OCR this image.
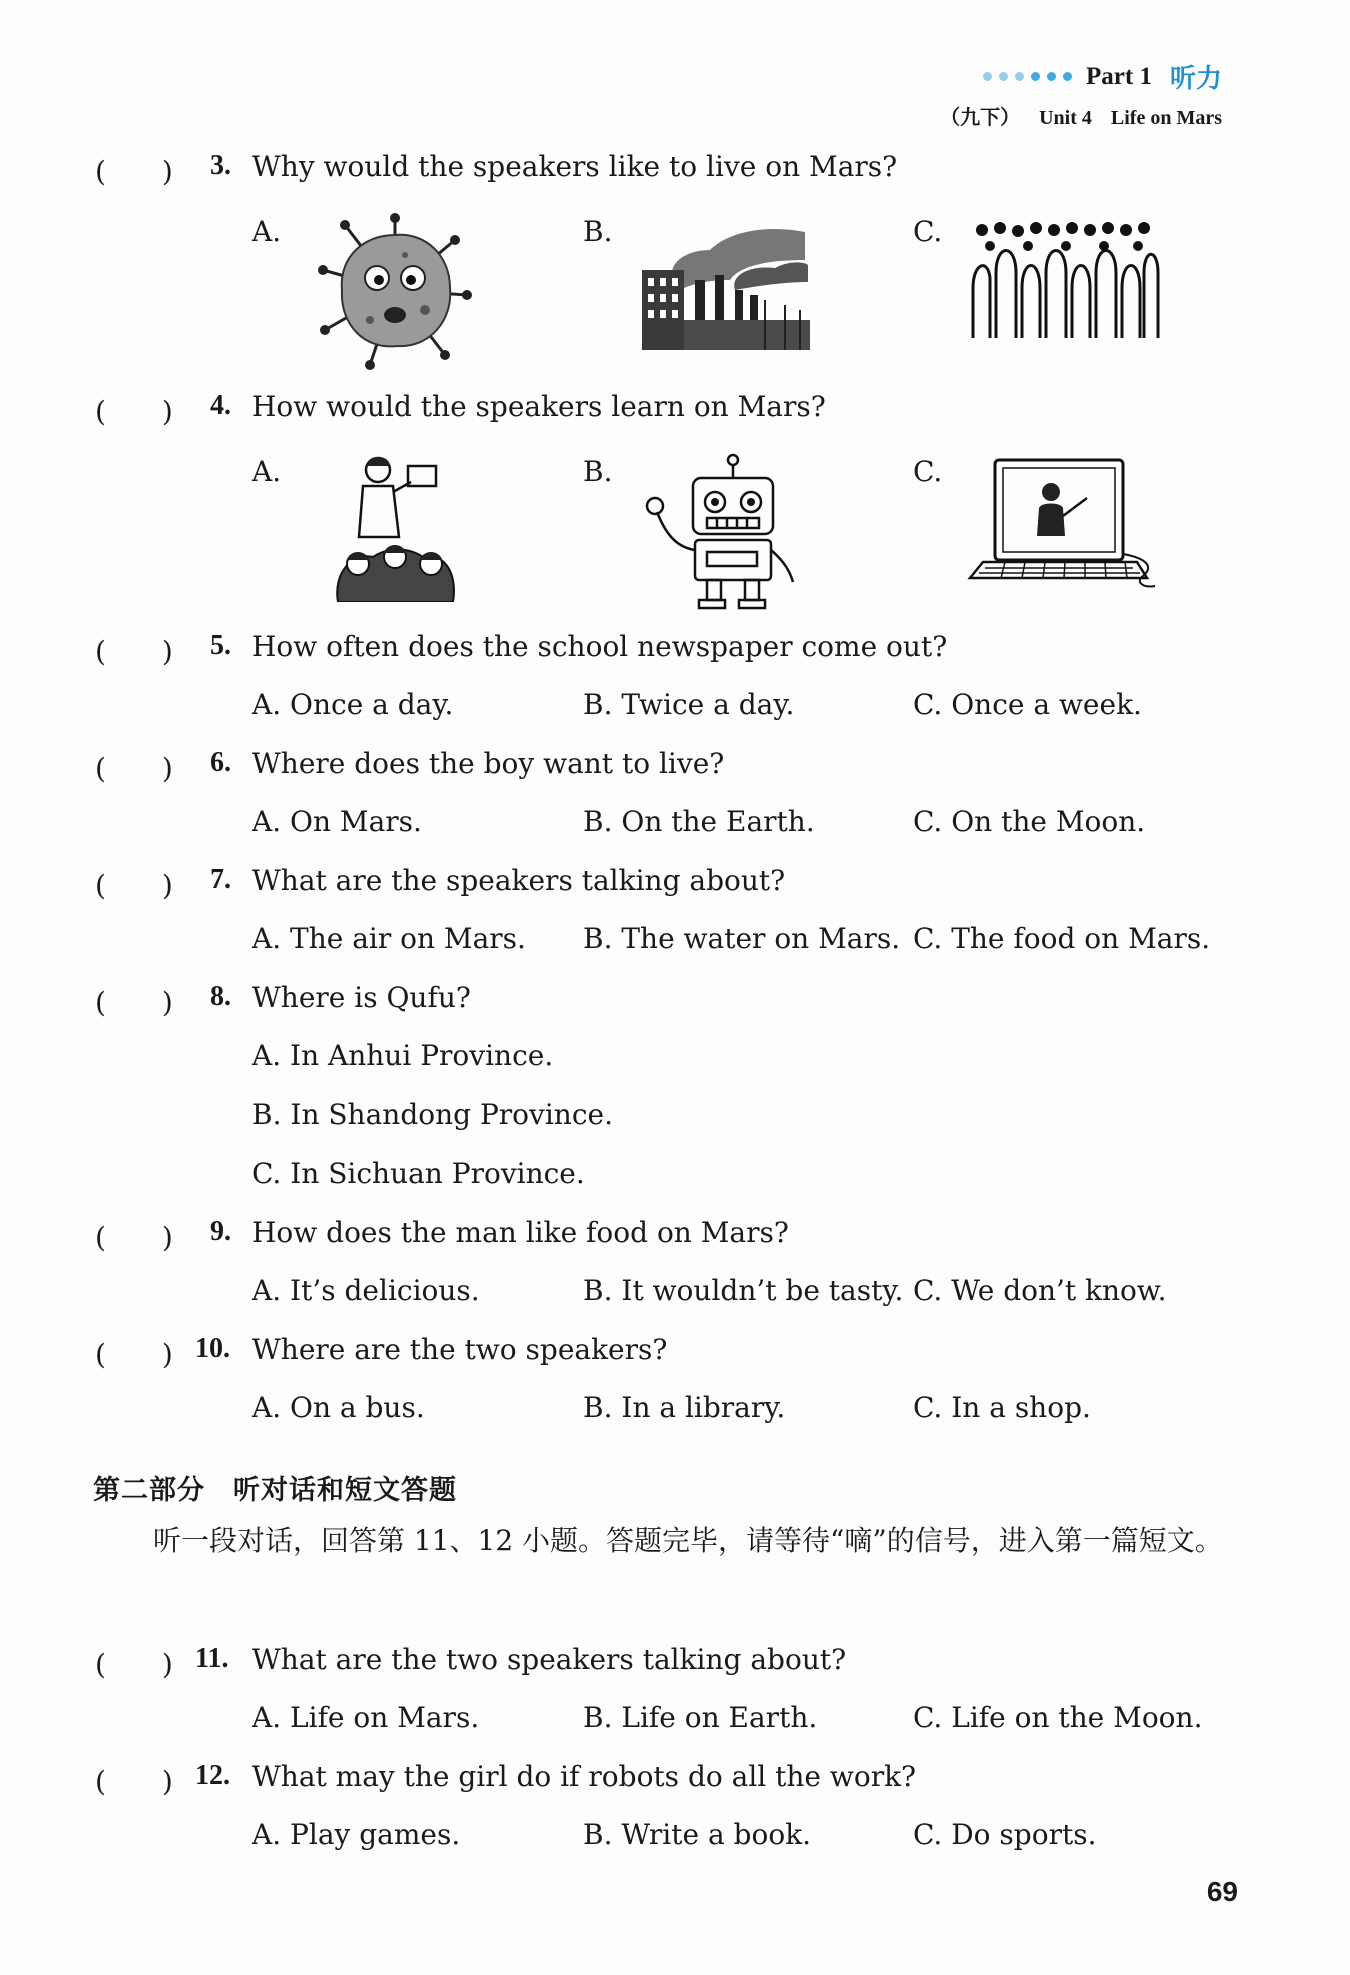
Part 1 听力
（九下） Unit 4 Life on Mars
(　　) 3. Why would the speakers like to live on Mars?
A.	B.	C.
(　　) 4. How would the speakers learn on Mars?
A.	B.	C.
(　　) 5. How often does the school newspaper come out?
A. Once a day.	B. Twice a day.	C. Once a week.
(　　) 6. Where does the boy want to live?
A. On Mars.	B. On the Earth.	C. On the Moon.
(　　) 7. What are the speakers talking about?
A. The air on Mars. B. The water on Mars. C. The food on Mars.
(　　) 8. Where is Qufu?
A. In Anhui Province.
B. In Shandong Province.
C. In Sichuan Province.
(　　) 9. How does the man like food on Mars?
A. It’s delicious.	B. It wouldn’t be tasty. C. We don’t know.
(　　) 10. Where are the two speakers?
A. On a bus.	B. In a library.	C. In a shop.
第二部分　听对话和短文答题
听一段对话，回答第 11、12 小题。答题完毕，请等待“嘀”的信号，进入第一篇短文。
(　　) 11. What are the two speakers talking about?
A. Life on Mars.	B. Life on Earth.	C. Life on the Moon.
(　　) 12. What may the girl do if robots do all the work?
A. Play games.	B. Write a book.	C. Do sports.
69
